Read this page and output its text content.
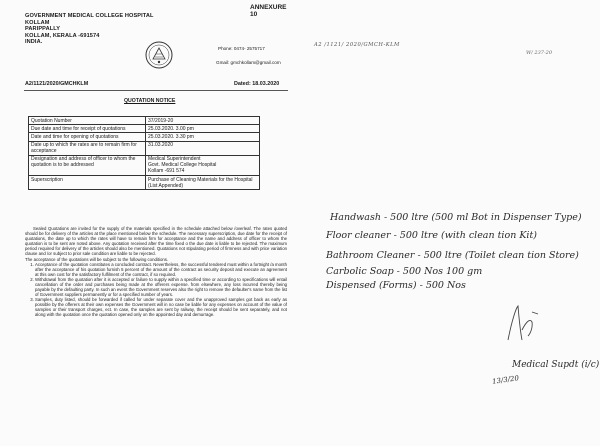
ANNEXURE 10
GOVERNMENT MEDICAL COLLEGE HOSPITAL
KOLLAM
PARIPPALLY
KOLLAM, KERALA -691574
INDIA.
Phone: 0474- 2575717
Gmail: gmchkollam@gmail.com
A2/1121/2020/GMCHKLM	Dated: 18.03.2020
QUOTATION NOTICE
Quotation Number	37/2019-20
Due date and time for receipt of quotations	25.03.2020. 3.00 pm
Date and time for opening of quotations	25.03.2020. 3.30 pm
Date up to which the rates are to remain firm for acceptance	31.03.2020
Designation and address of officer to whom the quotation is to be addressed	Medical Superintendent
Govt. Medical College Hospital
Kollam -691 574

Superscription	Purchase of Cleaning Materials for the Hospital (List Appended)

Sealed Quotations are invited for the supply of the materials specified in the schedule attached below /overleaf. The rates quoted should be for delivery of the articles at the place mentioned below the schedule. The necessary superscription, due date for the receipt of quotations, the date up to which the rates will have to remain firm for acceptance and the name and address of officer to whom the quotation is to be sent are noted above. Any quotation received after the time fixed o the due date is liable to be rejected. The maximum period required for delivery of the articles should also be mentioned. Quotations not stipulating period of firmness and with price variation clause and /or subject to prior sale condition are liable to be rejected.

The acceptance of the quotations will be subject to the following conditions.

1. Acceptance of the quotation constitutes a concluded contract. Nevertheless, the successful tendered must within a fortnight /a month after the acceptance of his quotation furnish 5 percent of the amount of the contract as security deposit and execute an agreement at this own cost for the satisfactory fulfilment of the contract, if so required.
2. Withdrawal from the quotation after it is accepted or failure to supply within a specified time or according to specifications will entail cancellation of the order and purchases being made at the offerers expense. from elsewhere, any loss incurred thereby being payable by the defaulting party. In such an event the Government reserves also the right to remove the defaulter's name from the list of Government suppliers permanently or for a specified number of years.
3. Samples, duty listed, should be forwarded if called for under separate cover and the unapproved samples got back as early as possible by the offerers at their own expenses the Government will in no case be liable for any expenses on account of the value of samples or their transport charges, ect. In case, the samples are sent by railway, the receipt should be sent separately, and not along with the quotation once the quotation opened only on the appointed day and demurrage.
A2 /1121/ 2020/GMCH-KLM
W/ 237-20
Handwash - 500 ltre (500 ml Bot in Dispenser Type)
Floor cleaner - 500 ltre (with clean tion Kit)
Bathroom Cleaner - 500 ltre (Toilet clean tion Store)
Carbolic Soap - 500 Nos 100 gm
Dispensed (Forms) - 500 Nos
Medical Supdt (i/c)
13/3/20
